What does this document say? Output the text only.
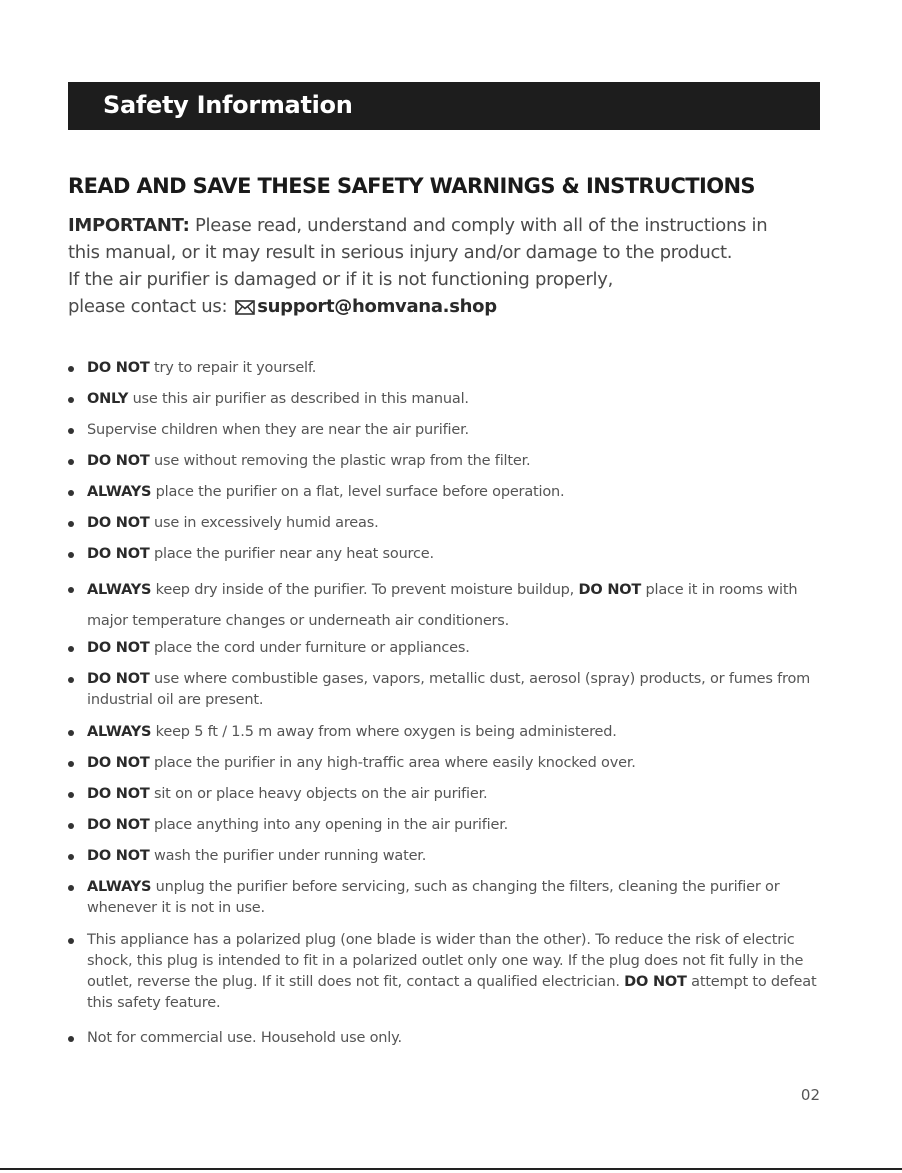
Safety Information
READ AND SAVE THESE SAFETY WARNINGS & INSTRUCTIONS

IMPORTANT: Please read, understand and comply with all of the instructions in
this manual, or it may result in serious injury and/or damage to the product.
If the air purifier is damaged or if it is not functioning properly,
please contact us: support@homvana.shop

DO NOT try to repair it yourself.
ONLY use this air purifier as described in this manual.
Supervise children when they are near the air purifier.
DO NOT use without removing the plastic wrap from the filter.
ALWAYS place the purifier on a flat, level surface before operation.
DO NOT use in excessively humid areas.
DO NOT place the purifier near any heat source.
ALWAYS keep dry inside of the purifier. To prevent moisture buildup, DO NOT place it in rooms with major temperature changes or underneath air conditioners.
DO NOT place the cord under furniture or appliances.
DO NOT use where combustible gases, vapors, metallic dust, aerosol (spray) products, or fumes from industrial oil are present.
ALWAYS keep 5 ft / 1.5 m away from where oxygen is being administered.
DO NOT place the purifier in any high-traffic area where easily knocked over.
DO NOT sit on or place heavy objects on the air purifier.
DO NOT place anything into any opening in the air purifier.
DO NOT wash the purifier under running water.
ALWAYS unplug the purifier before servicing, such as changing the filters, cleaning the purifier or whenever it is not in use.
This appliance has a polarized plug (one blade is wider than the other). To reduce the risk of electric shock, this plug is intended to fit in a polarized outlet only one way. If the plug does not fit fully in the outlet, reverse the plug. If it still does not fit, contact a qualified electrician. DO NOT attempt to defeat this safety feature.
Not for commercial use. Household use only.

02
